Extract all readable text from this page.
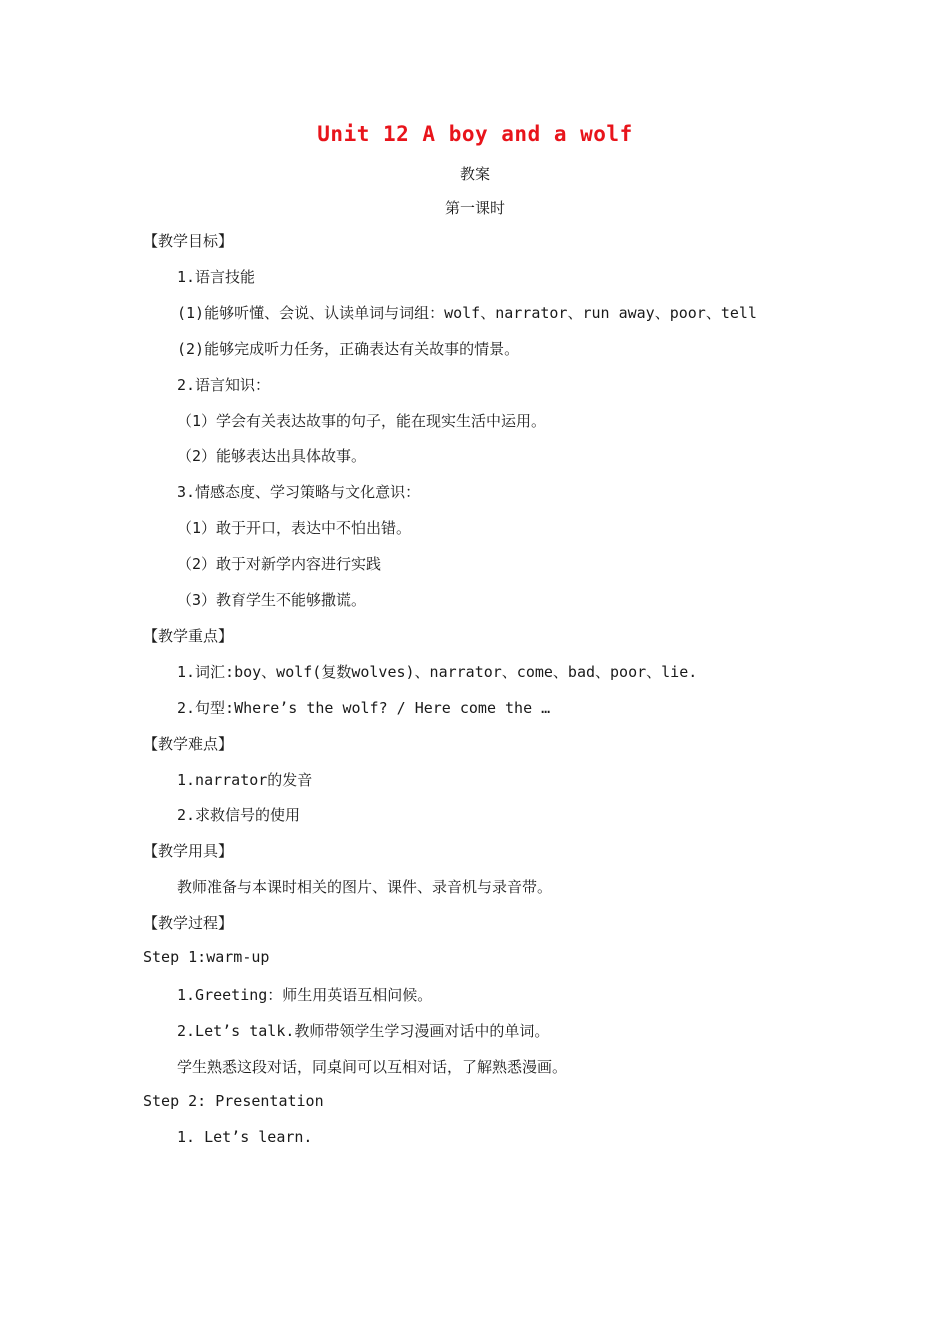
Unit 12 A boy and a wolf
教案
第一课时
【教学目标】
1.语言技能
(1)能够听懂、会说、认读单词与词组：wolf、narrator、run away、poor、tell
(2)能够完成听力任务，正确表达有关故事的情景。
2.语言知识：
（1）学会有关表达故事的句子，能在现实生活中运用。
（2）能够表达出具体故事。
3.情感态度、学习策略与文化意识：
（1）敢于开口，表达中不怕出错。
（2）敢于对新学内容进行实践
（3）教育学生不能够撒谎。
【教学重点】
1.词汇:boy、wolf(复数wolves)、narrator、come、bad、poor、lie.
2.句型:Where’s the wolf? / Here come the …
【教学难点】
1.narrator的发音
2.求救信号的使用
【教学用具】
教师准备与本课时相关的图片、课件、录音机与录音带。
【教学过程】
Step 1:warm-up
1.Greeting：师生用英语互相问候。
2.Let’s talk.教师带领学生学习漫画对话中的单词。
学生熟悉这段对话，同桌间可以互相对话，了解熟悉漫画。
Step 2: Presentation
1. Let’s learn.
